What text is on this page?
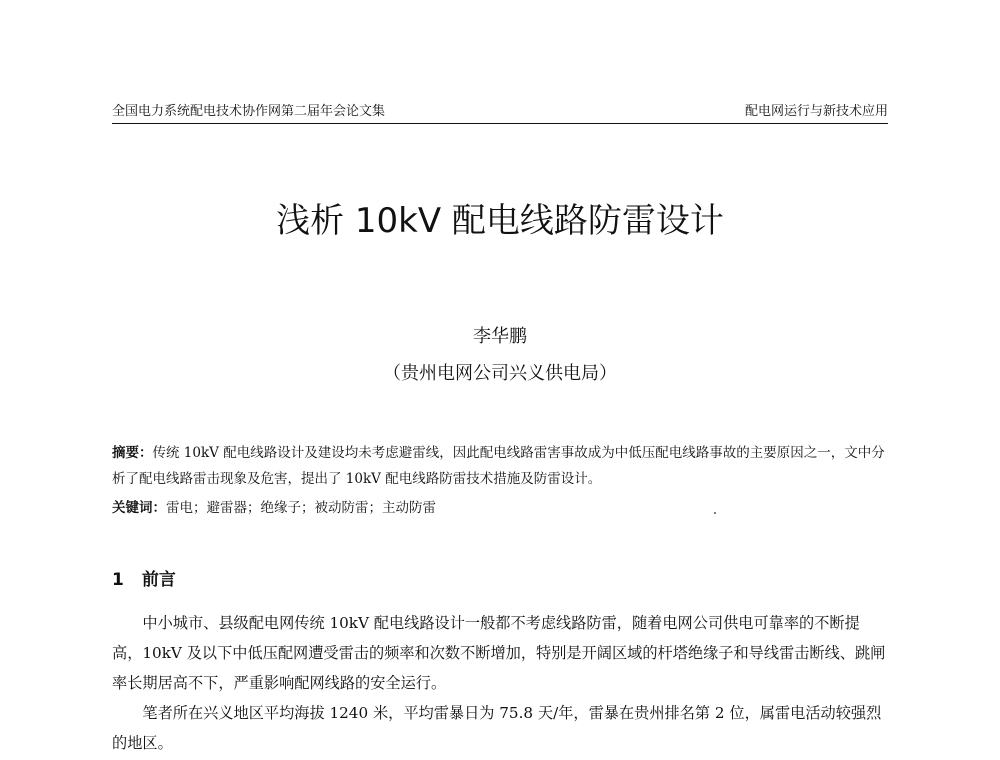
全国电力系统配电技术协作网第二届年会论文集	配电网运行与新技术应用
浅析 10kV 配电线路防雷设计
李华鹏
（贵州电网公司兴义供电局）
摘要：传统 10kV 配电线路设计及建设均未考虑避雷线，因此配电线路雷害事故成为中低压配电线路事故的主要原因之一，文中分析了配电线路雷击现象及危害，提出了 10kV 配电线路防雷技术措施及防雷设计。
关键词：雷电；避雷器；绝缘子；被动防雷；主动防雷
1 前言

中小城市、县级配电网传统 10kV 配电线路设计一般都不考虑线路防雷，随着电网公司供电可靠率的不断提高，10kV 及以下中低压配网遭受雷击的频率和次数不断增加，特别是开阔区域的杆塔绝缘子和导线雷击断线、跳闸率长期居高不下，严重影响配网线路的安全运行。

笔者所在兴义地区平均海拔 1240 米，平均雷暴日为 75.8 天/年，雷暴在贵州排名第 2 位，属雷电活动较强烈的地区。
